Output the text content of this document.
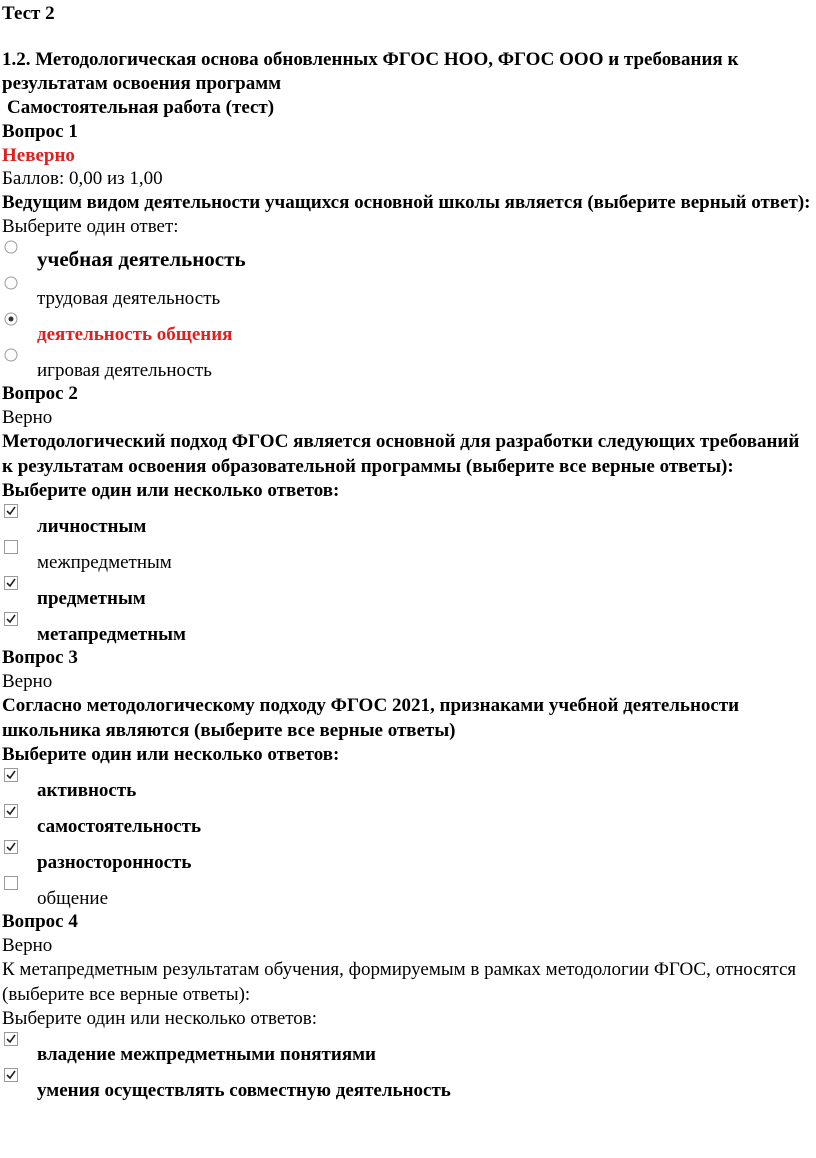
Тест 2
1.2. Методологическая основа обновленных ФГОС НОО, ФГОС ООО и требования к результатам освоения программ
Самостоятельная работа (тест)
Вопрос 1
Неверно
Баллов: 0,00 из 1,00
Ведущим видом деятельности учащихся основной школы является (выберите верный ответ):
Выберите один ответ:
учебная деятельность
трудовая деятельность
деятельность общения
игровая деятельность
Вопрос 2
Верно
Методологический подход ФГОС является основной для разработки следующих требований к результатам освоения образовательной программы (выберите все верные ответы):
Выберите один или несколько ответов:
личностным
межпредметным
предметным
метапредметным
Вопрос 3
Верно
Согласно методологическому подходу ФГОС 2021, признаками учебной деятельности школьника являются (выберите все верные ответы)
Выберите один или несколько ответов:
активность
самостоятельность
разносторонность
общение
Вопрос 4
Верно
К метапредметным результатам обучения, формируемым в рамках методологии ФГОС, относятся (выберите все верные ответы):
Выберите один или несколько ответов:
владение межпредметными понятиями
умения осуществлять совместную деятельность
